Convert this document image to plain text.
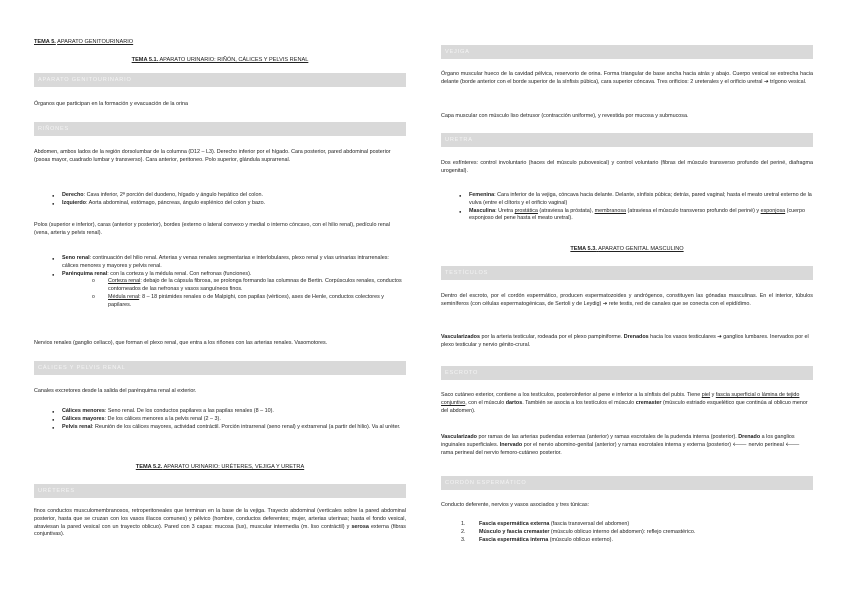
TEMA 5. APARATO GENITOURINARIO
TEMA 5.1. APARATO URINARIO: RIÑÓN, CÁLICES Y PELVIS RENAL
APARATO GENITOURINARIO

Órganos que participan en la formación y evacuación de la orina

RIÑONES

Abdomen, ambos lados de la región dorsolumbar de la columna (D12 – L3). Derecho inferior por el hígado. Cara posterior, pared abdominal posterior (psoas mayor, cuadrado lumbar y transverso). Cara anterior, peritoneo. Polo superior, glándula suprarrenal.

● Derecho: Cava inferior, 2ª porción del duodeno, hígado y ángulo hepático del colon.
● Izquierdo: Aorta abdominal, estómago, páncreas, ángulo esplénico del colon y bazo.

Polos (superior e inferior), caras (anterior y posterior), bordes (externo o lateral convexo y medial o interno cóncavo, con el hilio renal), pedículo renal (vena, arteria y pelvis renal).

● Seno renal: continuación del hilio renal. Arterias y venas renales segmentarias e interlobulares, plexo renal y vías urinarias intrarrenales: cálices menores y mayores y pelvis renal.
● Parénquima renal: con la corteza y la médula renal. Con nefronas (funciones).
o Corteza renal: debajo de la cápsula fibrosa, se prolonga formando las columnas de Bertin. Corpúsculos renales, conductos contorneados de las nefronas y vasos sanguíneos finos.
o Médula renal: 8 – 18 pirámides renales o de Malpighi, con papilas (vértices), ases de Henle, conductos colectores y papilares.

Nervios renales (ganglio celíaco), que forman el plexo renal, que entra a los riñones con las arterias renales. Vasomotores.

CÁLICES Y PELVIS RENAL

Canales excretores desde la salida del parénquima renal al exterior.

● Cálices menores: Seno renal. De los conductos papilares a las papilas renales (8 – 10).
● Cálices mayores: De los cálices menores a la pelvis renal (2 – 3).
● Pelvis renal: Reunión de los cálices mayores, actividad contráctil. Porción intrarrenal (seno renal) y extrarrenal (a partir del hilio). Va al uréter.
TEMA 5.2. APARATO URINARIO: URÉTERES, VEJIGA Y URETRA
URÉTERES

finos conductos musculomembranosos, retroperitoneales que terminan en la base de la vejiga. Trayecto abdominal (verticales sobre la pared abdominal posterior, hasta que se cruzan con los vasos ilíacos comunes) y pélvico (hombre, conductos deferentes; mujer, arterias uterinas; hasta el fondo vesical, atraviesan la pared vesical con un trayecto oblicuo). Pared con 3 capas: mucosa (lux), muscular intermedia (m. liso contráctil) y serosa externa (fibras conjuntivas).

VEJIGA

Órgano muscular hueco de la cavidad pélvica, reservorio de orina. Forma triangular de base ancha hacia atrás y abajo. Cuerpo vesical se estrecha hacia delante (borde anterior con el borde superior de la sínfisis púbica), cara superior cóncava. Tres orificios: 2 ureterales y el orificio uretral ➔ trígono vesical.

Capa muscular con músculo liso detrusor (contracción uniforme), y revestida por mucosa y submucosa.

URETRA

Dos esfínteres: control involuntario (haces del músculo pubovesical) y control voluntario (fibras del músculo transverso profundo del periné, diafragma urogenital).

● Femenina: Cara inferior de la vejiga, cóncava hacia delante. Delante, sínfisis púbica; detrás, pared vaginal; hasta el meato uretral externo de la vulva (entre el clítoris y el orificio vaginal)
● Masculina: Uretra prostática (atraviesa la próstata), membranosa (atraviesa el músculo transverso profundo del periné) y esponjosa (cuerpo esponjoso del pene hasta el meato uretral).
TEMA 5.3. APARATO GENITAL MASCULINO
TESTÍCULOS

Dentro del escroto, por el cordón espermático, producen espermatozoides y andrógenos, constituyen las gónadas masculinas. En el interior, túbulos seminíferos (con células espermatogénicas, de Sertoli y de Leydig) ➔ rete testis, red de canales que se conecta con el epidídimo.

Vascularizados por la arteria testicular, rodeada por el plexo pampiniforme. Drenados hacia los vasos testiculares ➔ ganglios lumbares. Inervados por el plexo testicular y nervio génito-crural.

ESCROTO

Saco cutáneo exterior, contiene a los testículos, posteroinferior al pene e inferior a la sínfisis del pubis. Tiene piel y fascia superficial o lámina de tejido conjuntivo, con el músculo dartos. También se asocia a los testículos el músculo cremaster (músculo estriado esquelético que continúa al oblicuo menor del abdomen).

Vascularizado por ramas de las arterias pudendas externas (anterior) y ramas escrotales de la pudenda interna (posterior). Drenado a los ganglios inguinales superficiales. Inervado por el nervio abomino-genital (anterior) y ramas escrotales interna y externa (posterior) 🡐 nervio perineal 🡐 rama perineal del nervio femoro-cutáneo posterior.

CORDÓN ESPERMÁTICO

Conducto deferente, nervios y vasos asociados y tres túnicas:

1.	Fascia espermática externa (fascia transversal del abdomen)
2.	Músculo y fascia cremaster (músculo oblicuo interno del abdomen): reflejo cremastérico.
3.	Fascia espermática interna (músculo oblicuo externo).
